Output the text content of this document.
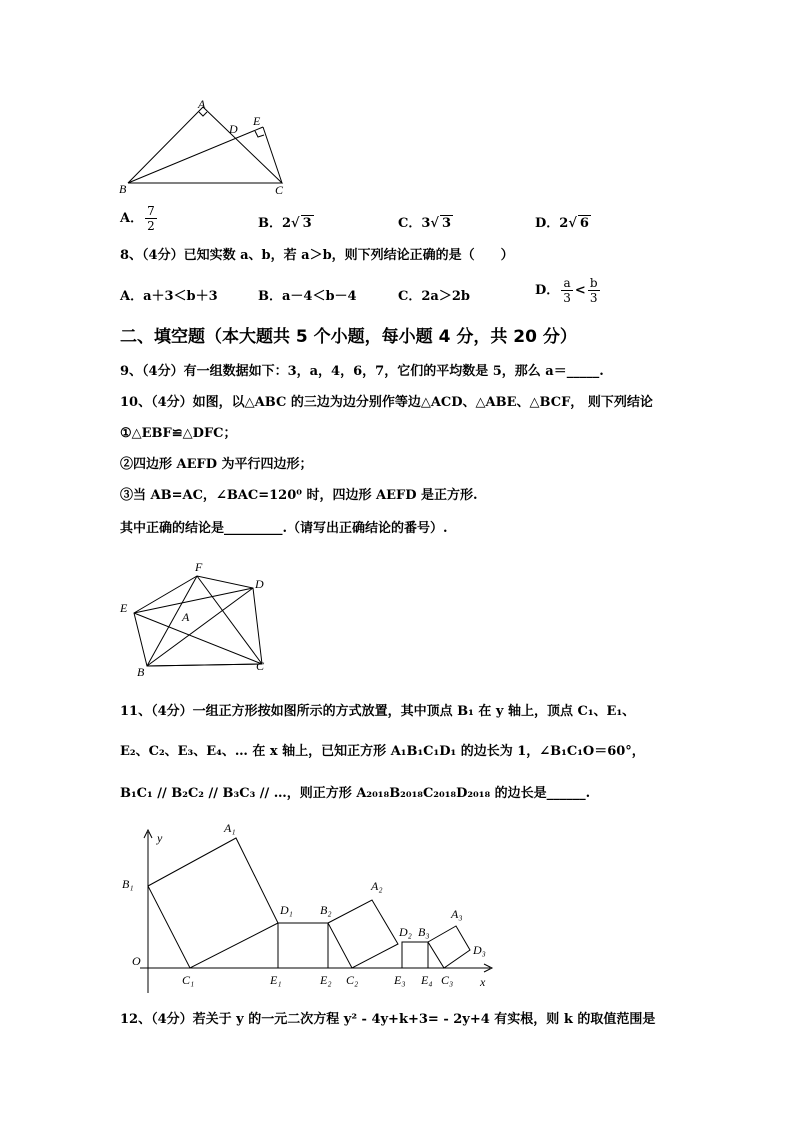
A
D
E
B	C
A． $\frac{7}{2}$	B．2√ 3	C．3√ 3	D．2√ 6
8、（4分）已知实数 a、b，若 a＞b，则下列结论正确的是（　　）
A．a＋3＜b＋3	B．a－4＜b－4	C．2a＞2b	D． $\frac{a}{3} < \frac{b}{3}$
二、填空题（本大题共 5 个小题，每小题 4 分，共 20 分）
9、（4分）有一组数据如下：3，a，4，6，7，它们的平均数是 5，那么 a＝_____.
10、（4分）如图，以△ABC 的三边为边分别作等边△ACD、△ABE、△BCF， 则下列结论
①△EBF≌△DFC；
②四边形 AEFD 为平行四边形；
③当 AB=AC，∠BAC=120⁰ 时，四边形 AEFD 是正方形.
其中正确的结论是_________.（请写出正确结论的番号）.
F
D
E
A
B	C
11、（4分）一组正方形按如图所示的方式放置，其中顶点 B₁ 在 y 轴上，顶点 C₁、E₁、
E₂、C₂、E₃、E₄、… 在 x 轴上，已知正方形 A₁B₁C₁D₁ 的边长为 1，∠B₁C₁O＝60°，
B₁C₁ // B₂C₂ // B₃C₃ // …，则正方形 A₂₀₁₈B₂₀₁₈C₂₀₁₈D₂₀₁₈ 的边长是______.
y
x
O
A₁
B₁
C₁
D₁
E₁
A₂
B₂
C₂
D₂
E₂
A₃
B₃
C₃
D₃
E₃ E₄
12、（4分）若关于 y 的一元二次方程 y² - 4y+k+3= - 2y+4 有实根，则 k 的取值范围是
